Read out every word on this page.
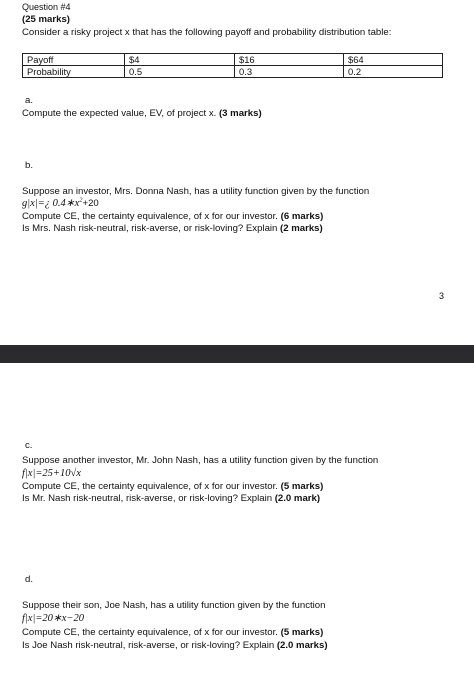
Question #4
(25 marks)
Consider a risky project x that has the following payoff and probability distribution table:
Payoff	$4	$16	$64
Probability	0.5	0.3	0.2
a.
Compute the expected value, EV, of project x. (3 marks)
b.
Suppose an investor, Mrs. Donna Nash, has a utility function given by the function
g|x|=¿ $0.4∗x^2+20$
Compute CE, the certainty equivalence, of x for our investor. (6 marks)
Is Mrs. Nash risk-neutral, risk-averse, or risk-loving? Explain (2 marks)
3
c.
Suppose another investor, Mr. John Nash, has a utility function given by the function
f|x|=25+10√x
Compute CE, the certainty equivalence, of x for our investor. (5 marks)
Is Mr. Nash risk-neutral, risk-averse, or risk-loving? Explain (2.0 mark)
d.
Suppose their son, Joe Nash, has a utility function given by the function
f|x|=20∗x−20
Compute CE, the certainty equivalence, of x for our investor. (5 marks)
Is Joe Nash risk-neutral, risk-averse, or risk-loving? Explain (2.0 marks)
